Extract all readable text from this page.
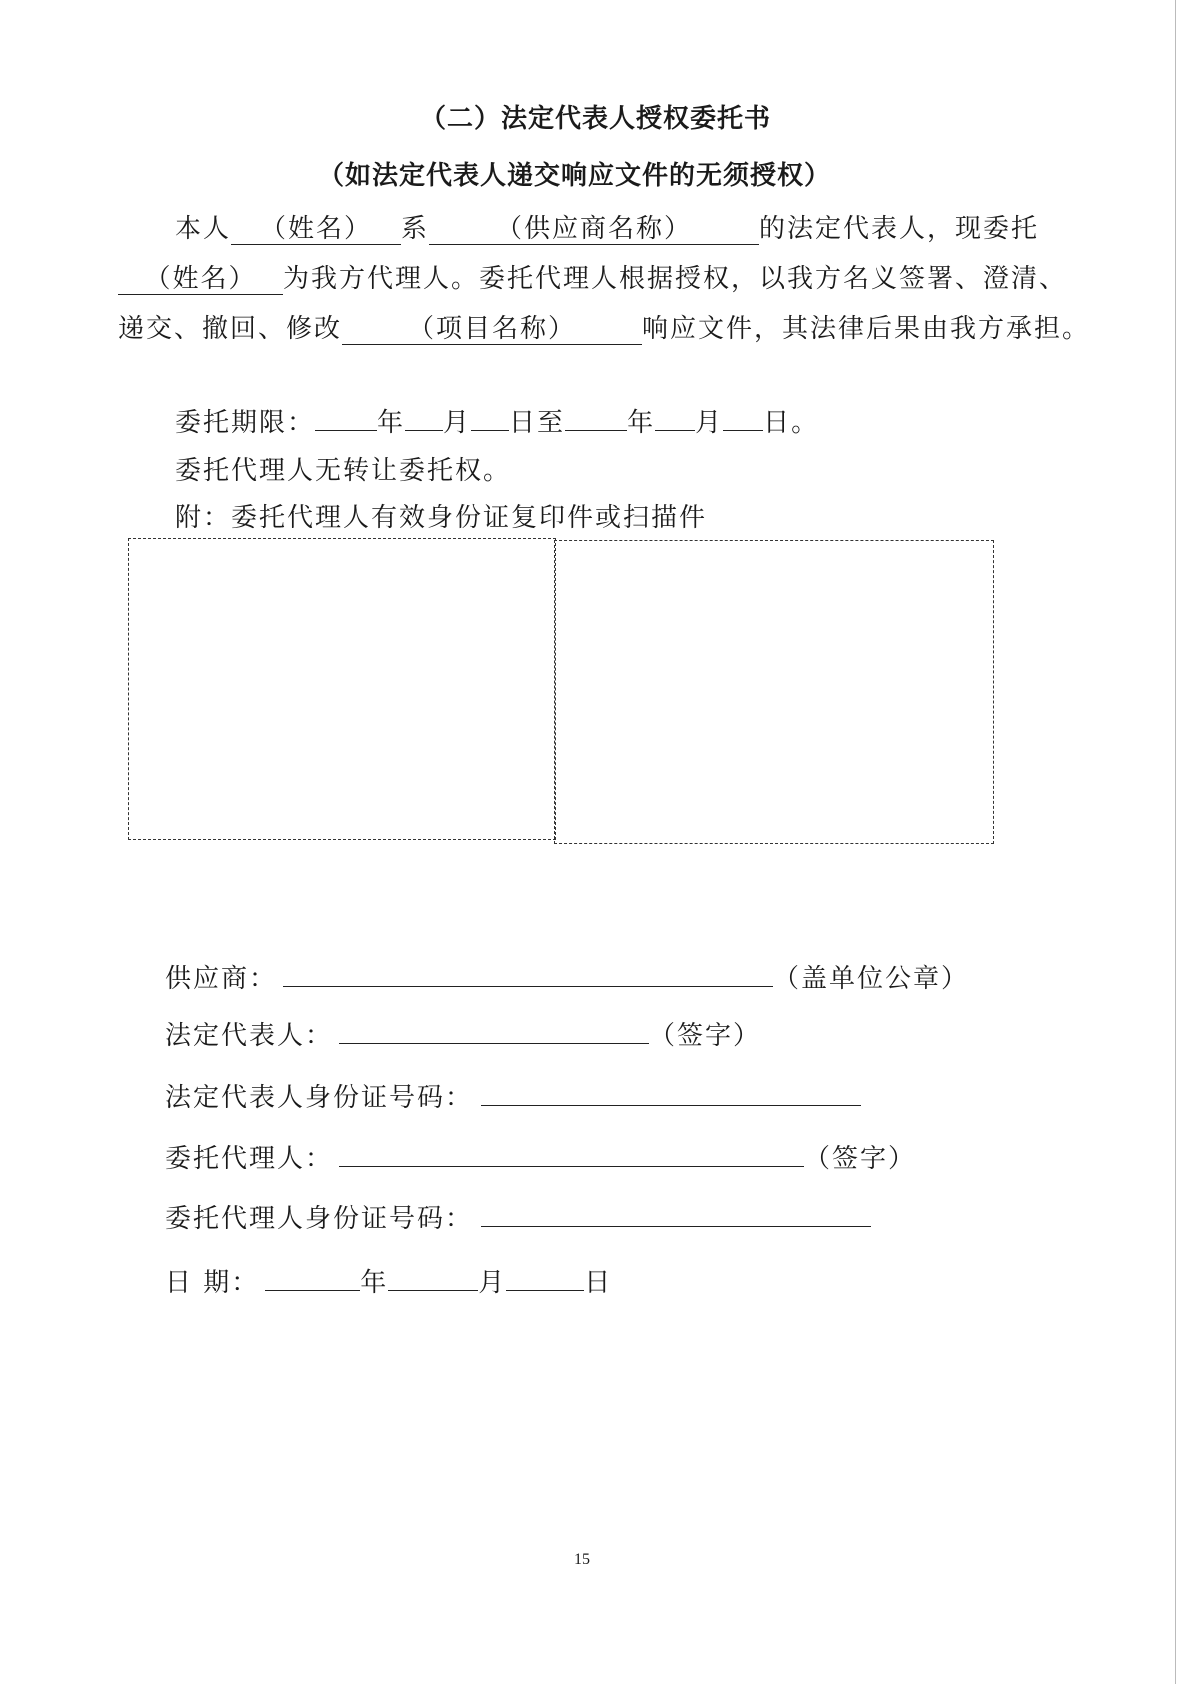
（二）法定代表人授权委托书
（如法定代表人递交响应文件的无须授权）
本人 （姓名） 系	（供应商名称）	的法定代表人，现委托
（姓名） 为我方代理人。委托代理人根据授权，以我方名义签署、澄清、
递交、撤回、修改	（项目名称）	响应文件，其法律后果由我方承担。
委托期限： 年 月 日至 年 月 日。
委托代理人无转让委托权。
附：委托代理人有效身份证复印件或扫描件
供应商：	（盖单位公章）
法定代表人：	（签字）
法定代表人身份证号码：
委托代理人：	（签字）
委托代理人身份证号码：
日 期：	年	月	日
15
